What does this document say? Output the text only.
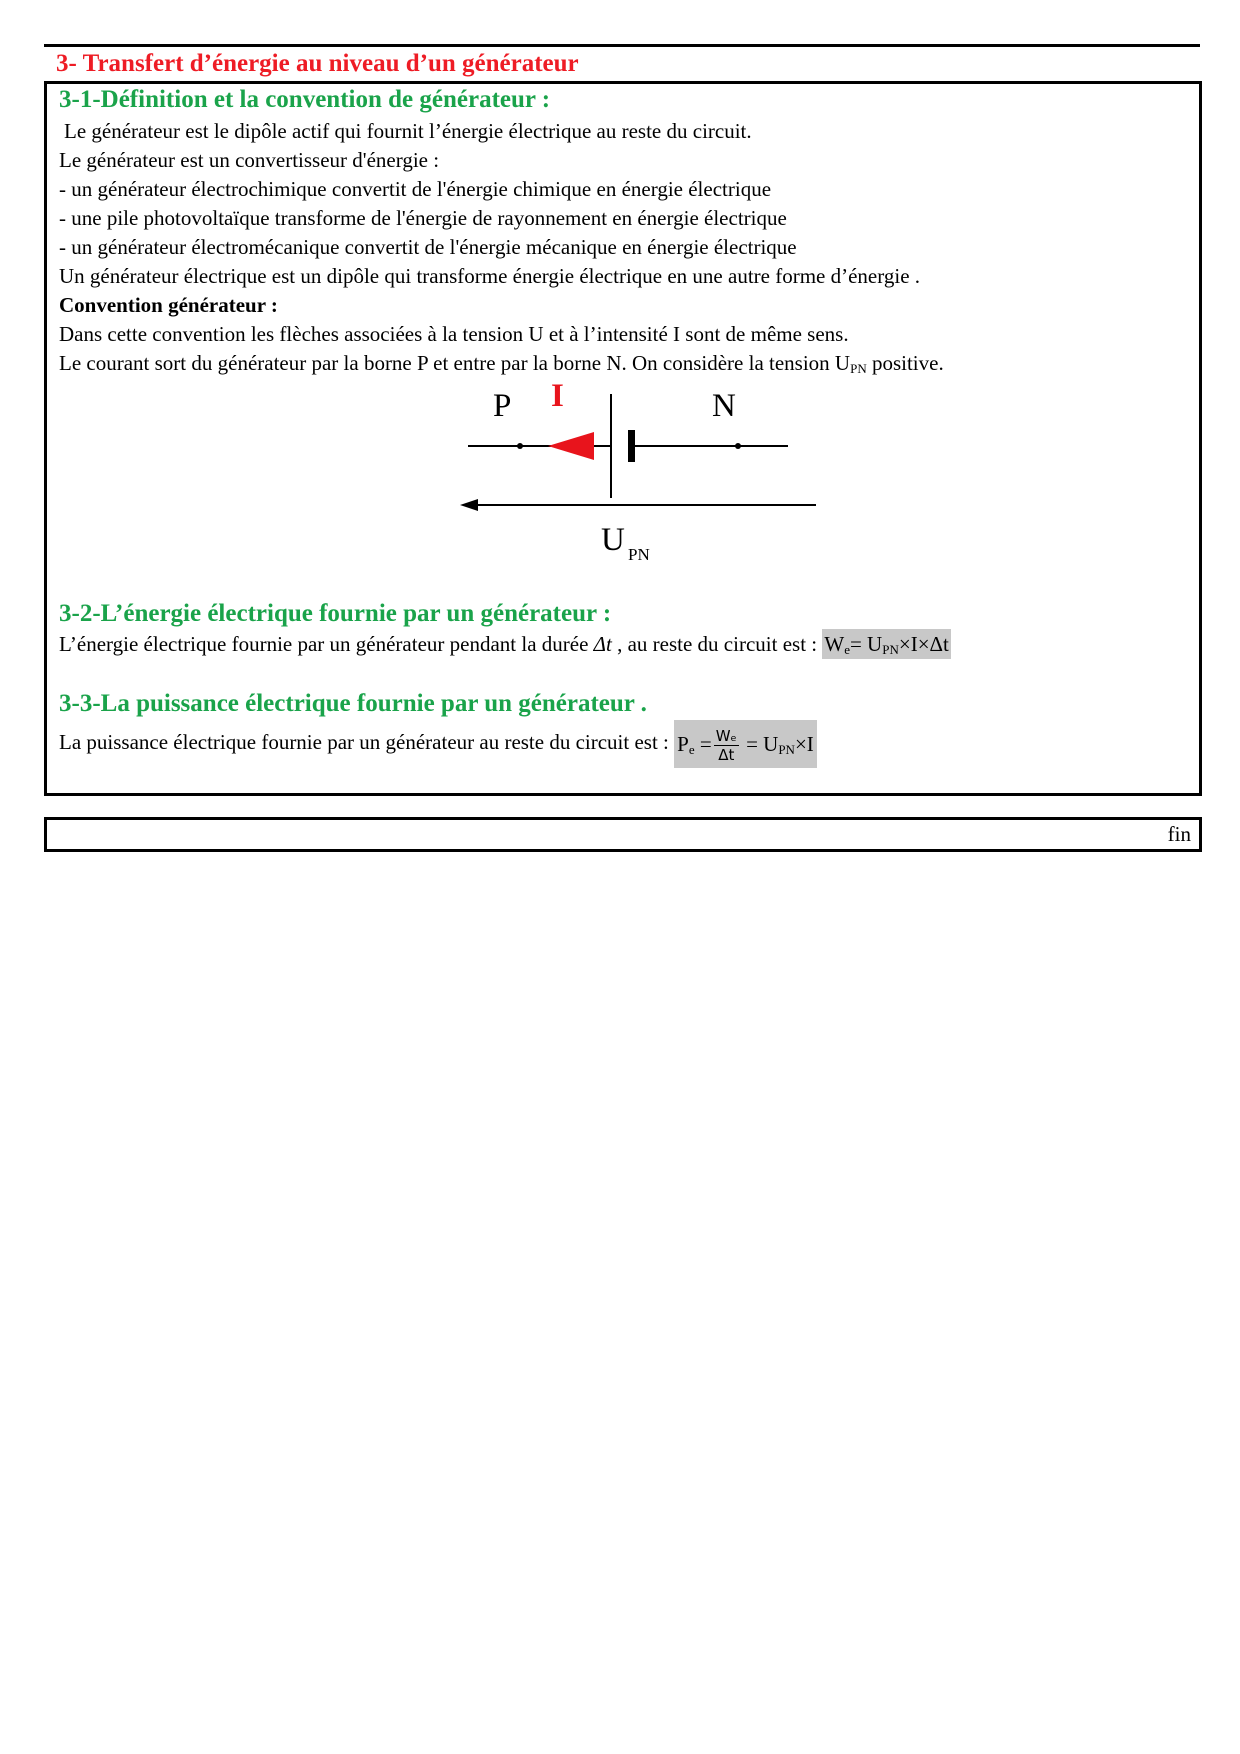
3- Transfert d’énergie au niveau d’un générateur
3-1-Définition et la convention de générateur :

Le générateur est le dipôle actif qui fournit l’énergie électrique au reste du circuit.

Le générateur est un convertisseur d'énergie :

- un générateur électrochimique convertit de l'énergie chimique en énergie électrique

- une pile photovoltaïque transforme de l'énergie de rayonnement en énergie électrique

- un générateur électromécanique convertit de l'énergie mécanique en énergie électrique

Un générateur électrique est un dipôle qui transforme énergie électrique en une autre forme d’énergie .

Convention générateur :

Dans cette convention les flèches associées à la tension U et à l’intensité I sont de même sens.

Le courant sort du générateur par la borne P et entre par la borne N. On considère la tension $U_{PN}$ positive.

3-2-L’énergie électrique fournie par un générateur :

L’énergie électrique fournie par un générateur pendant la durée Δt , au reste du circuit est : $W_e= U_{PN}\times I\times\Delta t$

3-3-La puissance électrique fournie par un générateur .

La puissance électrique fournie par un générateur au reste du circuit est : $P_e = \frac{\text{Wₑ}}{\Delta t} = U_{PN}\times I$

P I	N
U PN

fin
